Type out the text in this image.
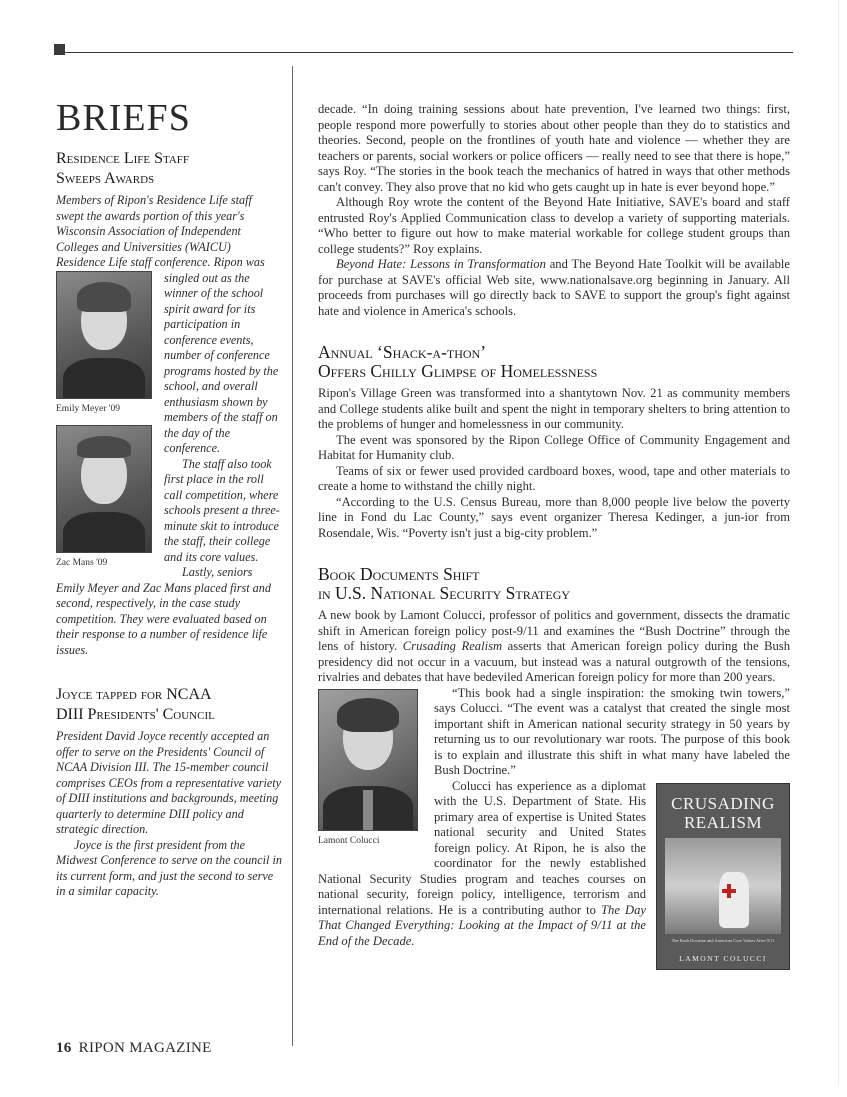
BRIEFS
Residence Life Staff
Sweeps Awards

Members of Ripon's Residence Life staff swept the awards portion of this year's Wisconsin Association of Independent Colleges and Universities (WAICU) Residence Life staff conference. Ripon was

Emily Meyer '09
Zac Mans '09

singled out as the winner of the school spirit award for its participation in conference events, number of conference programs hosted by the school, and overall enthusiasm shown by members of the staff on the day of the conference.

The staff also took first place in the roll call competition, where schools present a three-minute skit to introduce the staff, their college and its core values.

Lastly, seniors Emily Meyer and Zac Mans placed first and second, respectively, in the case study competition. They were evaluated based on their response to a number of residence life issues.

Joyce tapped for NCAA
DIII Presidents' Council

President David Joyce recently accepted an offer to serve on the Presidents' Council of NCAA Division III. The 15-member council comprises CEOs from a representative variety of DIII institutions and backgrounds, meeting quarterly to determine DIII policy and strategic direction.

Joyce is the first president from the Midwest Conference to serve on the council in its current form, and just the second to serve in a similar capacity.

decade. “In doing training sessions about hate prevention, I've learned two things: first, people respond more powerfully to stories about other people than they do to statistics and theories. Second, people on the frontlines of youth hate and violence — whether they are teachers or parents, social workers or police officers — really need to see that there is hope,” says Roy. “The stories in the book teach the mechanics of hatred in ways that other methods can't convey. They also prove that no kid who gets caught up in hate is ever beyond hope.”

Although Roy wrote the content of the Beyond Hate Initiative, SAVE's board and staff entrusted Roy's Applied Communication class to develop a variety of supporting materials. “Who better to figure out how to make material workable for college student groups than college students?” Roy explains.

Beyond Hate: Lessons in Transformation and The Beyond Hate Toolkit will be available for purchase at SAVE's official Web site, www.nationalsave.org beginning in January. All proceeds from purchases will go directly back to SAVE to support the group's fight against hate and violence in America's schools.

Annual ‘Shack-a-thon’
Offers Chilly Glimpse of Homelessness

Ripon's Village Green was transformed into a shantytown Nov. 21 as community members and College students alike built and spent the night in temporary shelters to bring attention to the problems of hunger and homelessness in our community.

The event was sponsored by the Ripon College Office of Community Engagement and Habitat for Humanity club.

Teams of six or fewer used provided cardboard boxes, wood, tape and other materials to create a home to withstand the chilly night.

“According to the U.S. Census Bureau, more than 8,000 people live below the poverty line in Fond du Lac County,” says event organizer Theresa Kedinger, a jun-ior from Rosendale, Wis. “Poverty isn't just a big-city problem.”

Book Documents Shift
in U.S. National Security Strategy

A new book by Lamont Colucci, professor of politics and government, dissects the dramatic shift in American foreign policy post-9/11 and examines the “Bush Doctrine” through the lens of history. Crusading Realism asserts that American foreign policy during the Bush presidency did not occur in a vacuum, but instead was a natural outgrowth of the tensions, rivalries and debates that have bedeviled American foreign policy for more than 200 years.

Lamont Colucci

“This book had a single inspiration: the smoking twin towers,” says Colucci. “The event was a catalyst that created the single most important shift in American national security strategy in 50 years by returning us to our revolutionary war roots. The purpose of this book is to explain and illustrate this shift in what many have labeled the Bush Doctrine.”

CRUSADING REALISM
The Bush Doctrine and American Core Values After 9/11
LAMONT COLUCCI

Colucci has experience as a diplomat with the U.S. Department of State. His primary area of expertise is United States national security and United States foreign policy. At Ripon, he is also the coordinator for the newly established National Security Studies program and teaches courses on national security, foreign policy, intelligence, terrorism and international relations. He is a contributing author to The Day That Changed Everything: Looking at the Impact of 9/11 at the End of the Decade.

16 RIPON MAGAZINE
